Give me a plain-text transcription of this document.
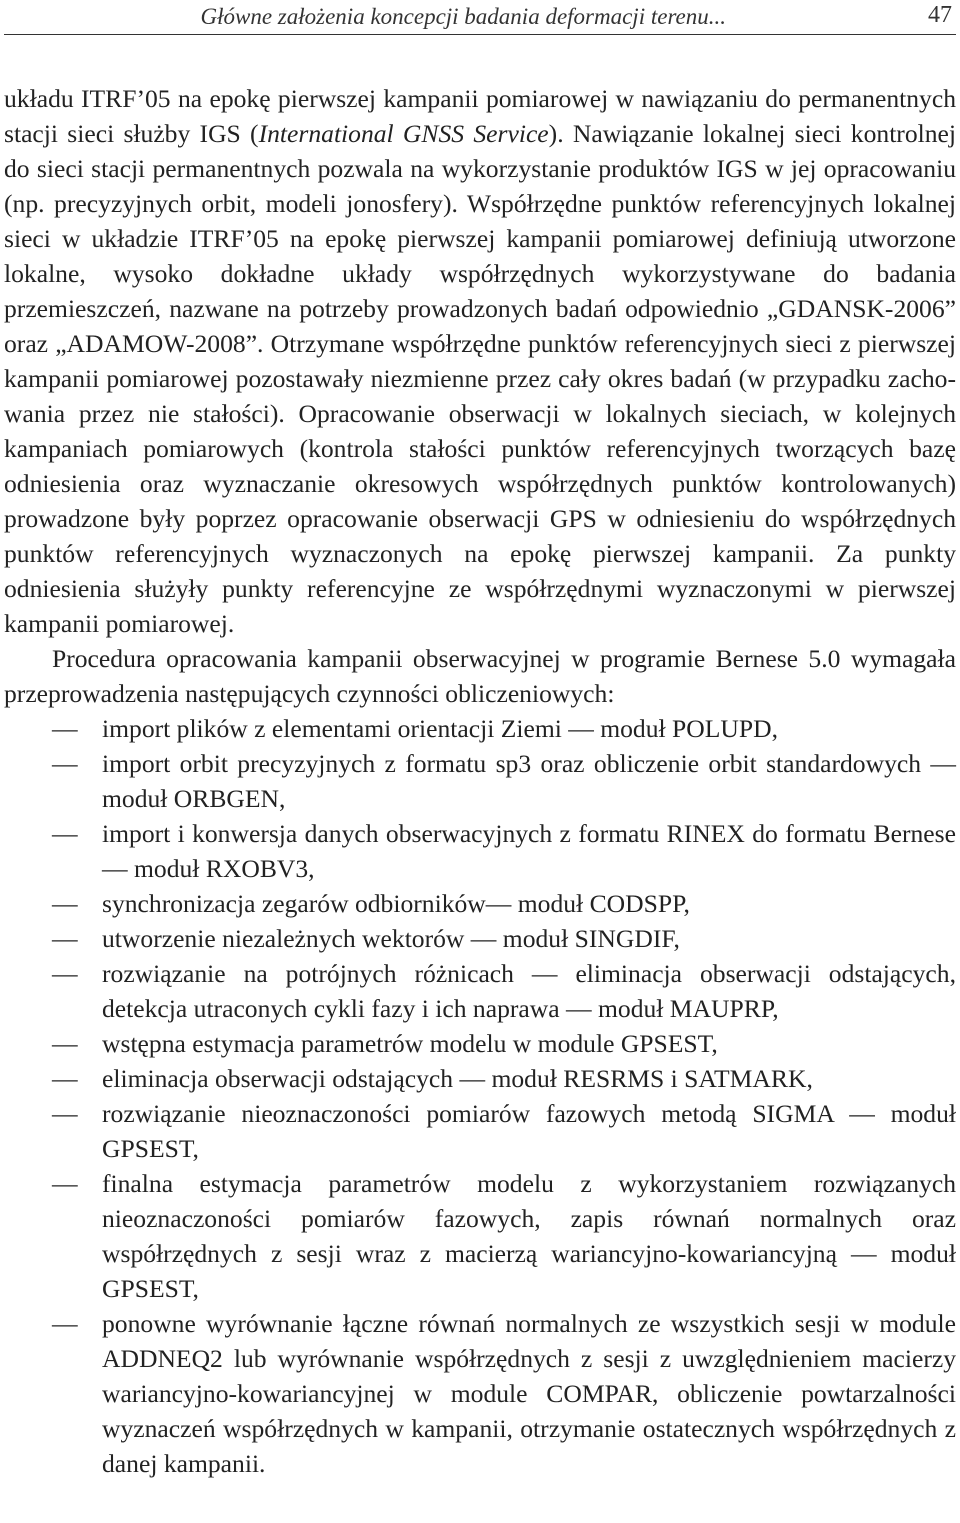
Główne założenia koncepcji badania deformacji terenu...	47

układu ITRF’05 na epokę pierwszej kampanii pomiarowej w nawiązaniu do permanentnych stacji sieci służby IGS (International GNSS Service). Nawiązanie lokalnej sieci kontrolnej do sieci stacji permanentnych pozwala na wykorzystanie produktów IGS w jej opracowaniu (np. precyzyjnych orbit, modeli jonosfery). Współrzędne punktów referencyjnych lokalnej sieci w układzie ITRF’05 na epokę pierwszej kampanii pomiarowej definiują utworzone lokalne, wysoko dokładne układy współrzędnych wykorzystywane do badania przemieszczeń, nazwane na potrzeby prowadzonych badań odpowiednio „GDANSK-2006” oraz „ADAMOW-2008”. Otrzymane współrzędne punktów referencyjnych sieci z pierwszej kampanii pomiarowej pozostawały niezmienne przez cały okres badań (w przypadku zachowania przez nie stałości). Opracowanie obserwacji w lokalnych sieciach, w kolejnych kampaniach pomiarowych (kontrola stałości punktów referencyjnych tworzących bazę odniesienia oraz wyznaczanie okresowych współrzędnych punktów kontrolowanych) prowadzone były poprzez opracowanie obserwacji GPS w odniesieniu do współrzędnych punktów referencyjnych wyznaczonych na epokę pierwszej kampanii. Za punkty odniesienia służyły punkty referencyjne ze współrzędnymi wyznaczonymi w pierwszej kampanii pomiarowej.

Procedura opracowania kampanii obserwacyjnej w programie Bernese 5.0 wymagała przeprowadzenia następujących czynności obliczeniowych:

— import plików z elementami orientacji Ziemi — moduł POLUPD,
— import orbit precyzyjnych z formatu sp3 oraz obliczenie orbit standardowych — moduł ORBGEN,
— import i konwersja danych obserwacyjnych z formatu RINEX do formatu Bernese — moduł RXOBV3,
— synchronizacja zegarów odbiorników— moduł CODSPP,
— utworzenie niezależnych wektorów — moduł SINGDIF,
— rozwiązanie na potrójnych różnicach — eliminacja obserwacji odstających, detekcja utraconych cykli fazy i ich naprawa — moduł MAUPRP,
— wstępna estymacja parametrów modelu w module GPSEST,
— eliminacja obserwacji odstających — moduł RESRMS i SATMARK,
— rozwiązanie nieoznaczoności pomiarów fazowych metodą SIGMA — moduł GPSEST,
— finalna estymacja parametrów modelu z wykorzystaniem rozwiązanych nieoznaczoności pomiarów fazowych, zapis równań normalnych oraz współrzędnych z sesji wraz z macierzą wariancyjno-kowariancyjną — moduł GPSEST,
— ponowne wyrównanie łączne równań normalnych ze wszystkich sesji w module ADDNEQ2 lub wyrównanie współrzędnych z sesji z uwzględnieniem macierzy wariancyjno-kowariancyjnej w module COMPAR, obliczenie powtarzalności wyznaczeń współrzędnych w kampanii, otrzymanie ostatecznych współrzędnych z danej kampanii.
